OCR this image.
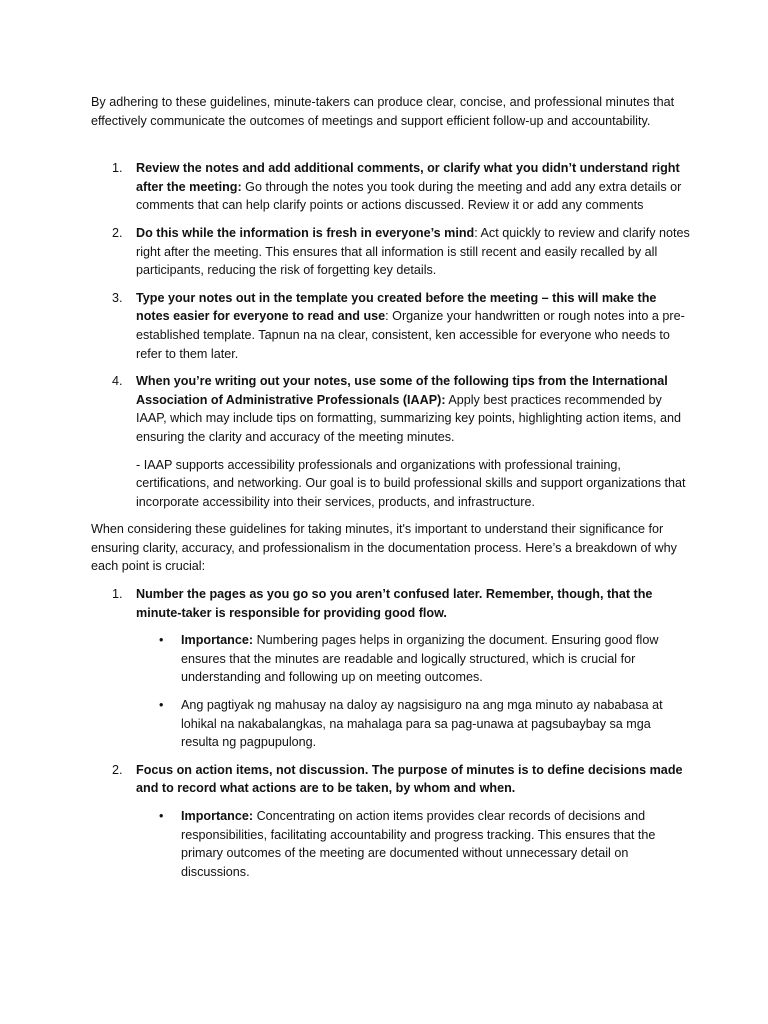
By adhering to these guidelines, minute-takers can produce clear, concise, and professional minutes that effectively communicate the outcomes of meetings and support efficient follow-up and accountability.

1. Review the notes and add additional comments, or clarify what you didn’t understand right after the meeting: Go through the notes you took during the meeting and add any extra details or comments that can help clarify points or actions discussed. Review it or add any comments
2. Do this while the information is fresh in everyone’s mind: Act quickly to review and clarify notes right after the meeting. This ensures that all information is still recent and easily recalled by all participants, reducing the risk of forgetting key details.
3. Type your notes out in the template you created before the meeting – this will make the notes easier for everyone to read and use: Organize your handwritten or rough notes into a pre-established template. Tapnun na na clear, consistent, ken accessible for everyone who needs to refer to them later.
4. When you’re writing out your notes, use some of the following tips from the International Association of Administrative Professionals (IAAP): Apply best practices recommended by IAAP, which may include tips on formatting, summarizing key points, highlighting action items, and ensuring the clarity and accuracy of the meeting minutes.

- IAAP supports accessibility professionals and organizations with professional training, certifications, and networking. Our goal is to build professional skills and support organizations that incorporate accessibility into their services, products, and infrastructure.

When considering these guidelines for taking minutes, it's important to understand their significance for ensuring clarity, accuracy, and professionalism in the documentation process. Here’s a breakdown of why each point is crucial:

1. Number the pages as you go so you aren’t confused later. Remember, though, that the minute-taker is responsible for providing good flow.
• Importance: Numbering pages helps in organizing the document. Ensuring good flow ensures that the minutes are readable and logically structured, which is crucial for understanding and following up on meeting outcomes.
• Ang pagtiyak ng mahusay na daloy ay nagsisiguro na ang mga minuto ay nababasa at lohikal na nakabalangkas, na mahalaga para sa pag-unawa at pagsubaybay sa mga resulta ng pagpupulong.
2. Focus on action items, not discussion. The purpose of minutes is to define decisions made and to record what actions are to be taken, by whom and when.
• Importance: Concentrating on action items provides clear records of decisions and responsibilities, facilitating accountability and progress tracking. This ensures that the primary outcomes of the meeting are documented without unnecessary detail on discussions.
